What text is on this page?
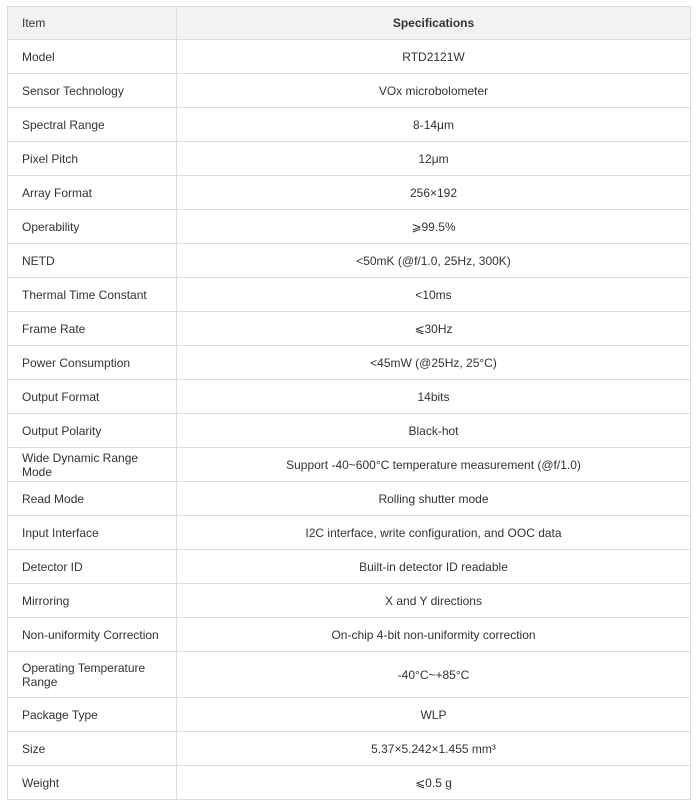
Item	Specifications
Model	RTD2121W
Sensor Technology	VOx microbolometer
Spectral Range	8-14μm
Pixel Pitch	12μm
Array Format	256×192
Operability	⩾99.5%
NETD	<50mK (@f/1.0, 25Hz, 300K)
Thermal Time Constant	<10ms
Frame Rate	⩽30Hz
Power Consumption	<45mW (@25Hz, 25°C)
Output Format	14bits
Output Polarity	Black-hot
Wide Dynamic Range Mode	Support -40~600°C temperature measurement (@f/1.0)
Read Mode	Rolling shutter mode
Input Interface	I2C interface, write configuration, and OOC data
Detector ID	Built-in detector ID readable
Mirroring	X and Y directions
Non-uniformity Correction	On-chip 4-bit non-uniformity correction
Operating Temperature Range	-40°C~+85°C
Package Type	WLP
Size	5.37×5.242×1.455 mm³
Weight	⩽0.5 g
